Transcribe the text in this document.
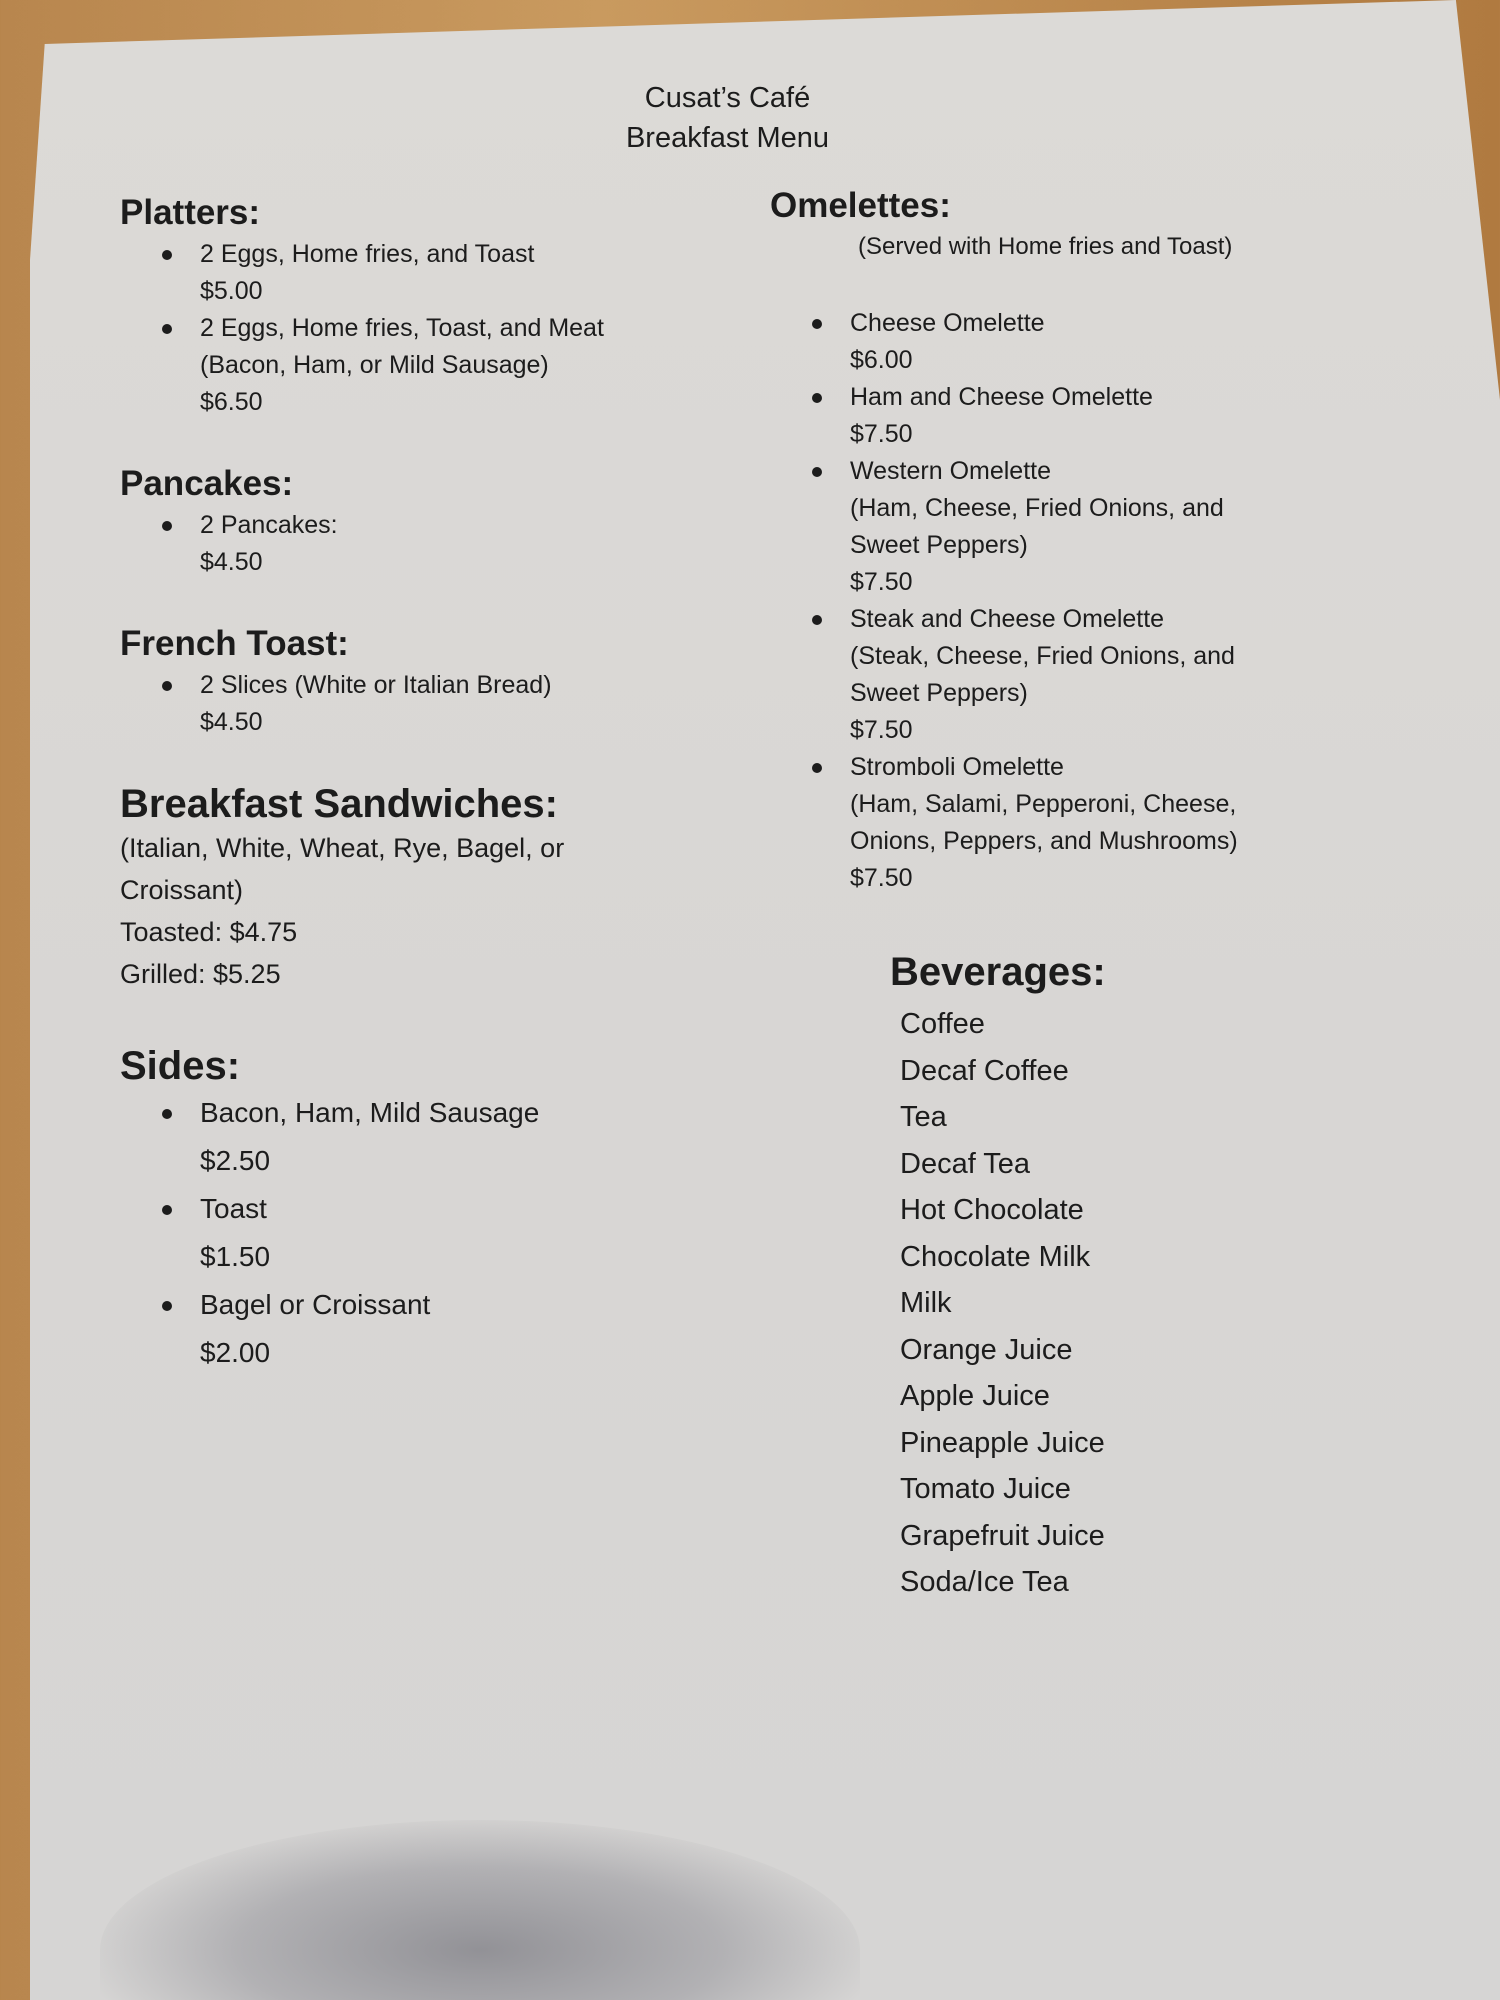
Cusat’s Café
Breakfast Menu
Platters:
2 Eggs, Home fries, and Toast
$5.00
2 Eggs, Home fries, Toast, and Meat
(Bacon, Ham, or Mild Sausage)
$6.50
Pancakes:
2 Pancakes:
$4.50
French Toast:
2 Slices (White or Italian Bread)
$4.50
Breakfast Sandwiches:
(Italian, White, Wheat, Rye, Bagel, or
Croissant)
Toasted: $4.75
Grilled: $5.25
Sides:
Bacon, Ham, Mild Sausage
$2.50
Toast
$1.50
Bagel or Croissant
$2.00
Omelettes:
(Served with Home fries and Toast)
Cheese Omelette
$6.00
Ham and Cheese Omelette
$7.50
Western Omelette
(Ham, Cheese, Fried Onions, and
Sweet Peppers)
$7.50
Steak and Cheese Omelette
(Steak, Cheese, Fried Onions, and
Sweet Peppers)
$7.50
Stromboli Omelette
(Ham, Salami, Pepperoni, Cheese,
Onions, Peppers, and Mushrooms)
$7.50
Beverages:
Coffee
Decaf Coffee
Tea
Decaf Tea
Hot Chocolate
Chocolate Milk
Milk
Orange Juice
Apple Juice
Pineapple Juice
Tomato Juice
Grapefruit Juice
Soda/Ice Tea
